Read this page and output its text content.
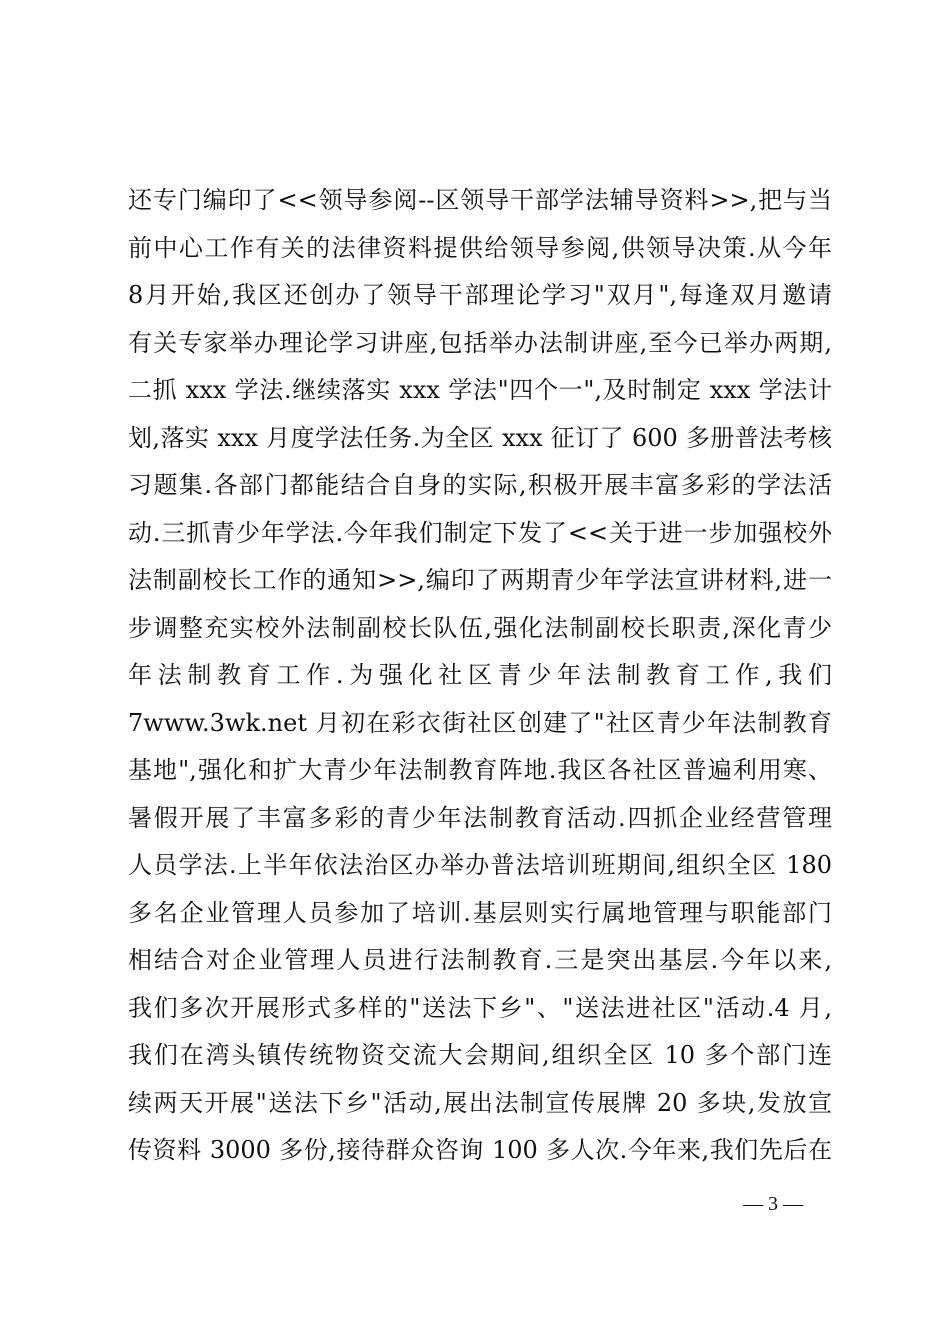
还专门编印了<<领导参阅--区领导干部学法辅导资料>>,把与当
前中心工作有关的法律资料提供给领导参阅,供领导决策.从今年
8月开始,我区还创办了领导干部理论学习"双月",每逢双月邀请
有关专家举办理论学习讲座,包括举办法制讲座,至今已举办两期,
二抓 xxx 学法.继续落实 xxx 学法"四个一",及时制定 xxx 学法计
划,落实 xxx 月度学法任务.为全区 xxx 征订了 600 多册普法考核
习题集.各部门都能结合自身的实际,积极开展丰富多彩的学法活
动.三抓青少年学法.今年我们制定下发了<<关于进一步加强校外
法制副校长工作的通知>>,编印了两期青少年学法宣讲材料,进一
步调整充实校外法制副校长队伍,强化法制副校长职责,深化青少
年法制教育工作.为强化社区青少年法制教育工作,我们
7www.3wk.net 月初在彩衣街社区创建了"社区青少年法制教育
基地",强化和扩大青少年法制教育阵地.我区各社区普遍利用寒、
暑假开展了丰富多彩的青少年法制教育活动.四抓企业经营管理
人员学法.上半年依法治区办举办普法培训班期间,组织全区 180
多名企业管理人员参加了培训.基层则实行属地管理与职能部门
相结合对企业管理人员进行法制教育.三是突出基层.今年以来,
我们多次开展形式多样的"送法下乡"、"送法进社区"活动.4 月,
我们在湾头镇传统物资交流大会期间,组织全区 10 多个部门连
续两天开展"送法下乡"活动,展出法制宣传展牌 20 多块,发放宣
传资料 3000 多份,接待群众咨询 100 多人次.今年来,我们先后在
— 3 —
